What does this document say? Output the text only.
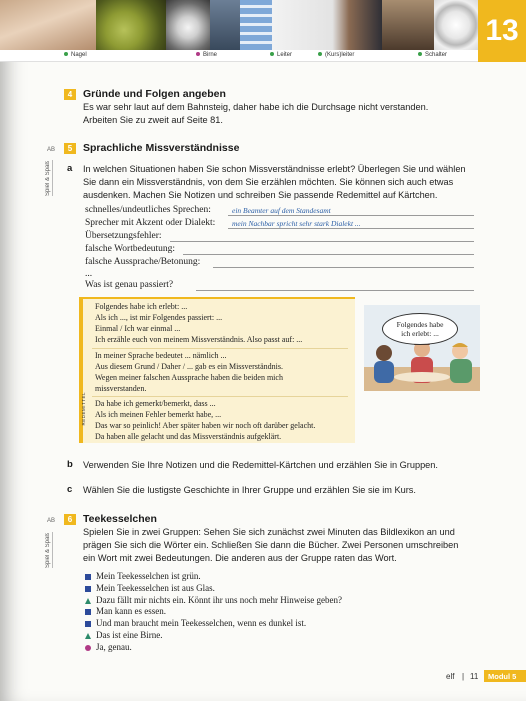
13
Nagel	Birne	Leiter	(Kurs)leiter	Schalter
4	Gründe und Folgen angeben
Es war sehr laut auf dem Bahnsteig, daher habe ich die Durchsage nicht verstanden.
Arbeiten Sie zu zweit auf Seite 81.
AB
Spiel & Spaß
5	Sprachliche Missverständnisse
a In welchen Situationen haben Sie schon Missverständnisse erlebt? Überlegen Sie und wählen
Sie dann ein Missverständnis, von dem Sie erzählen möchten. Sie können sich auch etwas
ausdenken. Machen Sie Notizen und schreiben Sie passende Redemittel auf Kärtchen.
schnelles/undeutliches Sprechen:	ein Beamter auf dem Standesamt
Sprecher mit Akzent oder Dialekt: mein Nachbar spricht sehr stark Dialekt ...
Übersetzungsfehler:
falsche Wortbedeutung:
falsche Aussprache/Betonung:
...
Was ist genau passiert?
REDEMITTEL
Folgendes habe ich erlebt: ...
Als ich ..., ist mir Folgendes passiert: ...
Einmal / Ich war einmal ...
Ich erzähle euch von meinem Missverständnis. Also passt auf: ...
In meiner Sprache bedeutet ... nämlich ...
Aus diesem Grund / Daher / ... gab es ein Missverständnis.
Wegen meiner falschen Aussprache haben die beiden mich
missverstanden.
Da habe ich gemerkt/bemerkt, dass ...
Als ich meinen Fehler bemerkt habe, ...
Das war so peinlich! Aber später haben wir noch oft darüber gelacht.
Da haben alle gelacht und das Missverständnis aufgeklärt.
Folgendes habe
ich erlebt: ...
b Verwenden Sie Ihre Notizen und die Redemittel-Kärtchen und erzählen Sie in Gruppen.
c Wählen Sie die lustigste Geschichte in Ihrer Gruppe und erzählen Sie sie im Kurs.
AB
Spiel & Spaß
6	Teekesselchen
Spielen Sie in zwei Gruppen: Sehen Sie sich zunächst zwei Minuten das Bildlexikon an und
prägen Sie sich die Wörter ein. Schließen Sie dann die Bücher. Zwei Personen umschreiben
ein Wort mit zwei Bedeutungen. Die anderen aus der Gruppe raten das Wort.
Mein Teekesselchen ist grün.
Mein Teekesselchen ist aus Glas.
Dazu fällt mir nichts ein. Könnt ihr uns noch mehr Hinweise geben?
Man kann es essen.
Und man braucht mein Teekesselchen, wenn es dunkel ist.
Das ist eine Birne.
Ja, genau.
elf | 11 Modul 5
